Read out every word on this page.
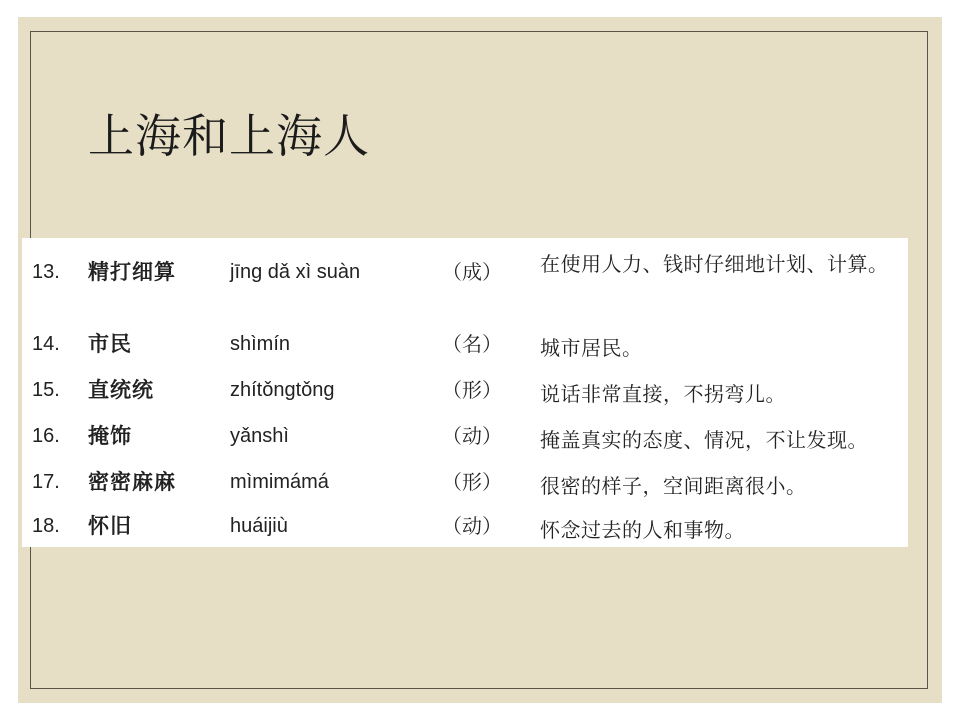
上海和上海人
13. 精打细算	jīng dǎ xì suàn	（成） 在使用人力、钱时仔细地计划、计算。
14. 市民	shìmín	（名） 城市居民。
15. 直统统	zhítǒngtǒng	（形） 说话非常直接，不拐弯儿。
16. 掩饰	yǎnshì	（动） 掩盖真实的态度、情况，不让发现。
17. 密密麻麻	mìmimámá	（形） 很密的样子，空间距离很小。
18. 怀旧	huáijiù	（动） 怀念过去的人和事物。
